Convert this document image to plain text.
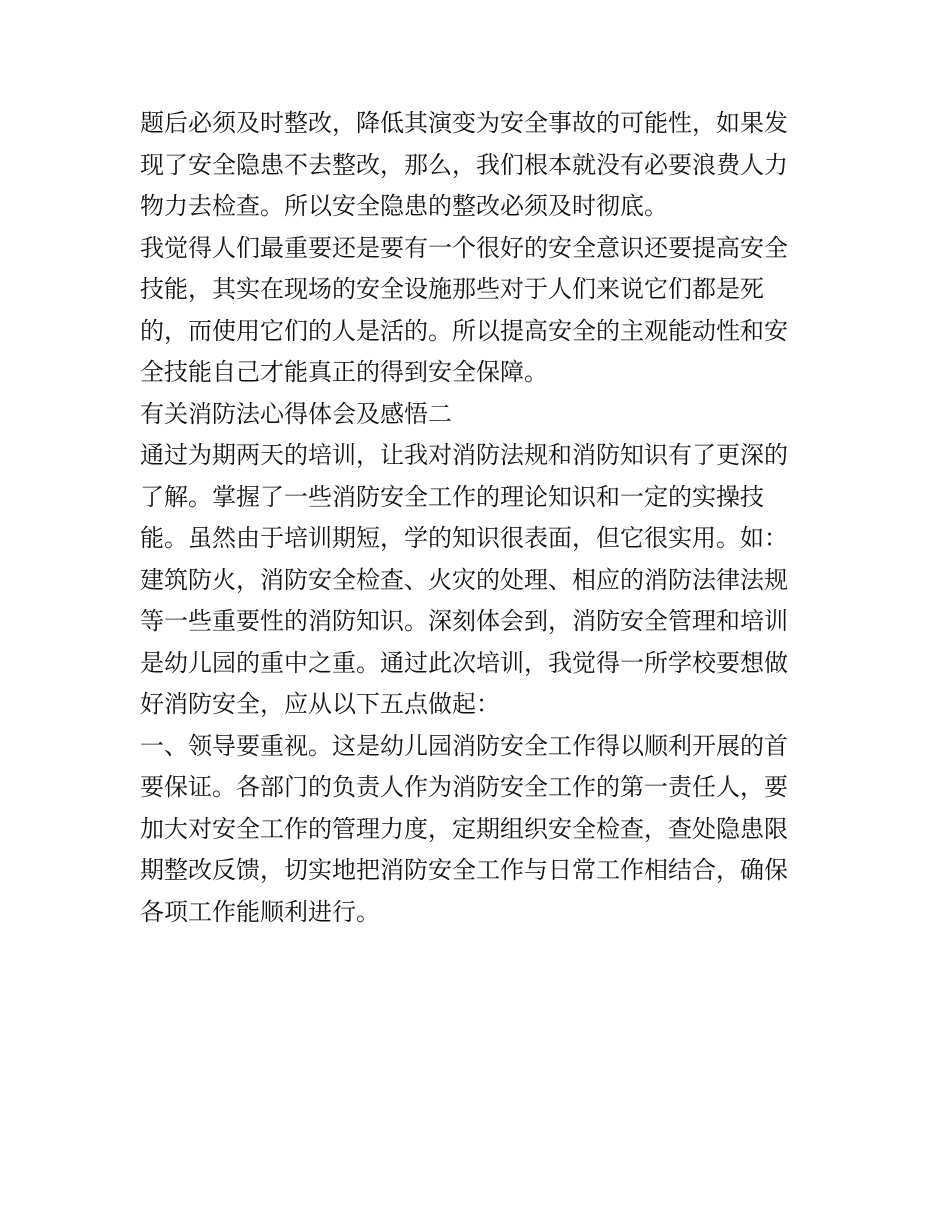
题后必须及时整改，降低其演变为安全事故的可能性，如果发
现了安全隐患不去整改，那么，我们根本就没有必要浪费人力
物力去检查。所以安全隐患的整改必须及时彻底。

我觉得人们最重要还是要有一个很好的安全意识还要提高安全
技能，其实在现场的安全设施那些对于人们来说它们都是死
的，而使用它们的人是活的。所以提高安全的主观能动性和安
全技能自己才能真正的得到安全保障。

有关消防法心得体会及感悟二

通过为期两天的培训，让我对消防法规和消防知识有了更深的
了解。掌握了一些消防安全工作的理论知识和一定的实操技
能。虽然由于培训期短，学的知识很表面，但它很实用。如：
建筑防火，消防安全检查、火灾的处理、相应的消防法律法规
等一些重要性的消防知识。深刻体会到，消防安全管理和培训
是幼儿园的重中之重。通过此次培训，我觉得一所学校要想做
好消防安全，应从以下五点做起：

一、领导要重视。这是幼儿园消防安全工作得以顺利开展的首
要保证。各部门的负责人作为消防安全工作的第一责任人，要
加大对安全工作的管理力度，定期组织安全检查，查处隐患限
期整改反馈，切实地把消防安全工作与日常工作相结合，确保
各项工作能顺利进行。
